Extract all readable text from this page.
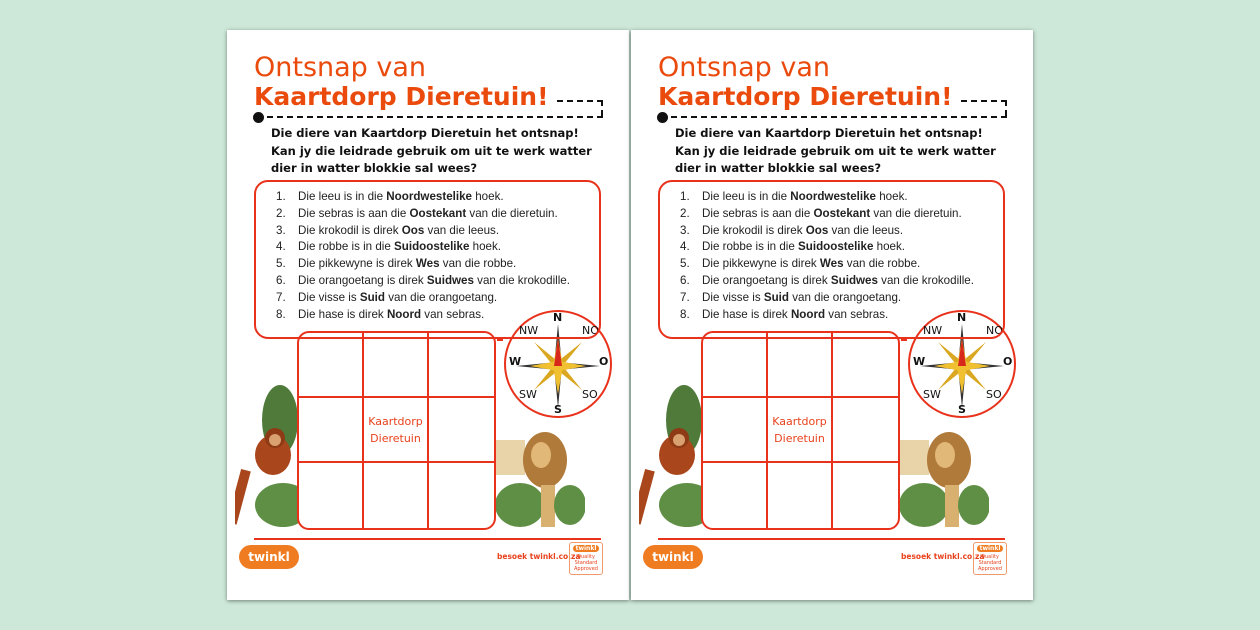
Ontsnap van
Kaartdorp Dieretuin!
Die diere van Kaartdorp Dieretuin het ontsnap!
Kan jy die leidrade gebruik om uit te werk watter
dier in watter blokkie sal wees?
1. Die leeu is in die Noordwestelike hoek.
2. Die sebras is aan die Oostekant van die dieretuin.
3. Die krokodil is direk Oos van die leeus.
4. Die robbe is in die Suidoostelike hoek.
5. Die pikkewyne is direk Wes van die robbe.
6. Die orangoetang is direk Suidwes van die krokodille.
7. Die visse is Suid van die orangoetang.
8. Die hase is direk Noord van sebras.
Kaartdorp
Dieretuin
N
NW	NO
W	O
SW	SO
S
twinkl	besoek twinkl.co.za
twinkl
Quality Standard Approved
Ontsnap van
Kaartdorp Dieretuin!
Die diere van Kaartdorp Dieretuin het ontsnap!
Kan jy die leidrade gebruik om uit te werk watter
dier in watter blokkie sal wees?
1. Die leeu is in die Noordwestelike hoek.
2. Die sebras is aan die Oostekant van die dieretuin.
3. Die krokodil is direk Oos van die leeus.
4. Die robbe is in die Suidoostelike hoek.
5. Die pikkewyne is direk Wes van die robbe.
6. Die orangoetang is direk Suidwes van die krokodille.
7. Die visse is Suid van die orangoetang.
8. Die hase is direk Noord van sebras.
Kaartdorp
Dieretuin
N
NW	NO
W	O
SW	SO
S
twinkl	besoek twinkl.co.za
twinkl
Quality Standard Approved
